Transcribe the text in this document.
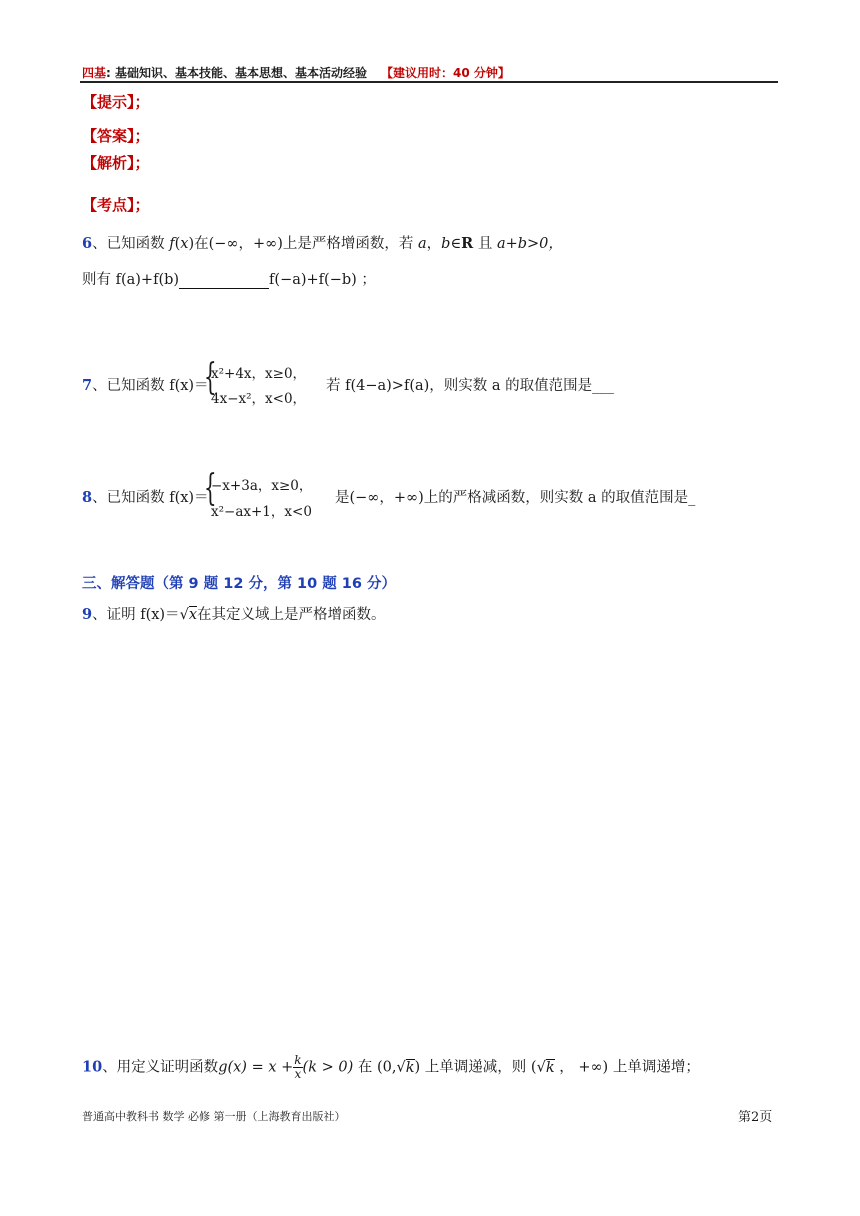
四基: 基础知识、基本技能、基本思想、基本活动经验 【建议用时：40 分钟】
【提示】；
【答案】；
【解析】；
【考点】；
6、已知函数 f(x)在(−∞，+∞)上是严格增函数，若 a，b∈R 且 a+b>0，
则有 f(a)+f(b)	f(−a)+f(−b) ；
7、已知函数 f(x)＝
{
x²+4x，x≥0，
4x−x²，x<0，
若 f(4−a)>f(a)，则实数 a 的取值范围是___
8、已知函数 f(x)＝
{
−x+3a，x≥0，
x²−ax+1，x<0
是(−∞，+∞)上的严格减函数，则实数 a 的取值范围是_
三、解答题（第 9 题 12 分，第 10 题 16 分）
9、证明 f(x)＝√x在其定义域上是严格增函数。
10、用定义证明函数$g(x) = x + \frac{k}{x} (k > 0)$ 在 (0,√k) 上单调递减，则 (√k ， +∞) 上单调递增；
普通高中教科书 数学 必修 第一册（上海教育出版社）	第2页
